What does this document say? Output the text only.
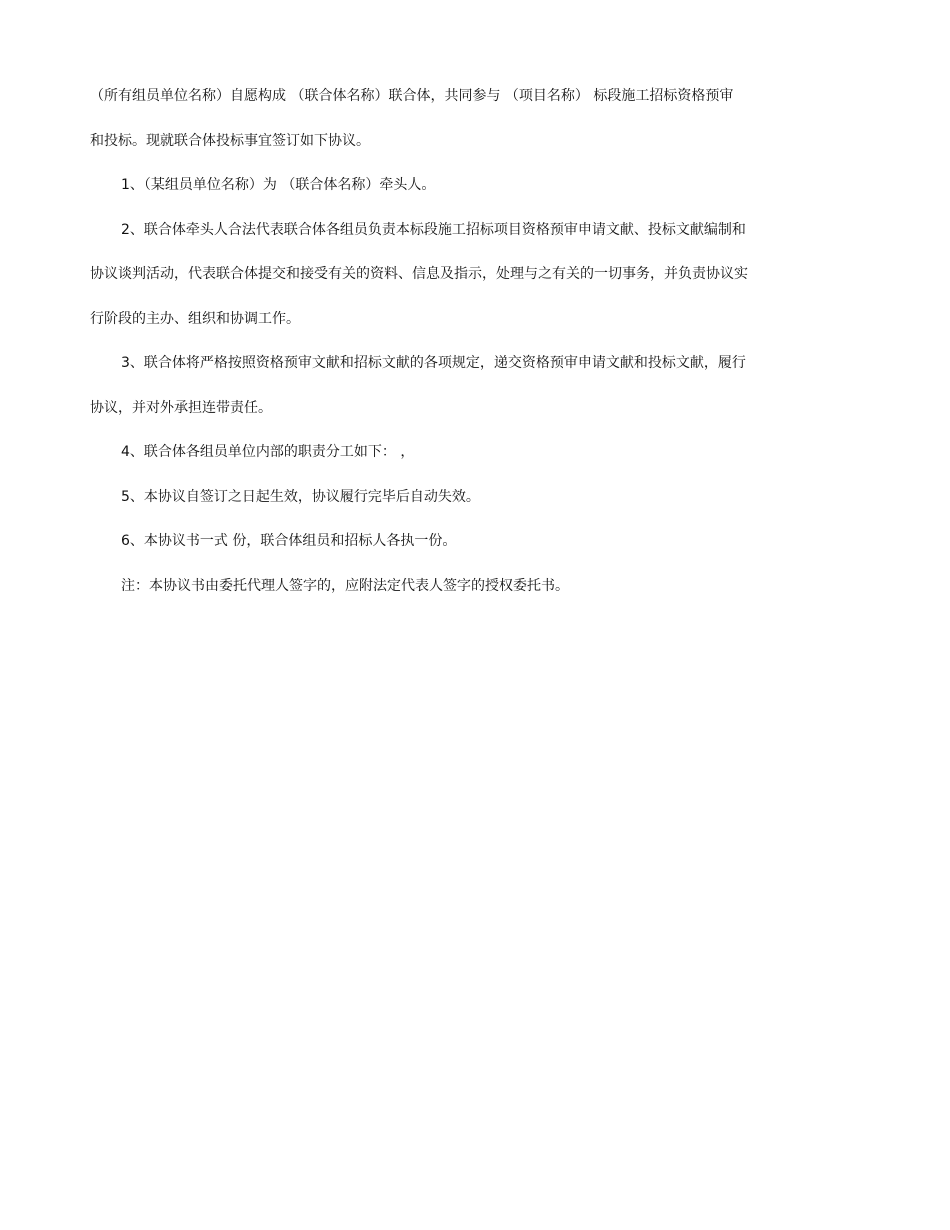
（所有组员单位名称）自愿构成 （联合体名称）联合体，共同参与 （项目名称） 标段施工招标资格预审
和投标。现就联合体投标事宜签订如下协议。
1、（某组员单位名称）为 （联合体名称）牵头人。
2、联合体牵头人合法代表联合体各组员负责本标段施工招标项目资格预审申请文献、投标文献编制和
协议谈判活动，代表联合体提交和接受有关的资料、信息及指示，处理与之有关的一切事务，并负责协议实
行阶段的主办、组织和协调工作。
3、联合体将严格按照资格预审文献和招标文献的各项规定，递交资格预审申请文献和投标文献，履行
协议，并对外承担连带责任。
4、联合体各组员单位内部的职责分工如下： ，
5、本协议自签订之日起生效，协议履行完毕后自动失效。
6、本协议书一式 份，联合体组员和招标人各执一份。
注：本协议书由委托代理人签字的，应附法定代表人签字的授权委托书。
